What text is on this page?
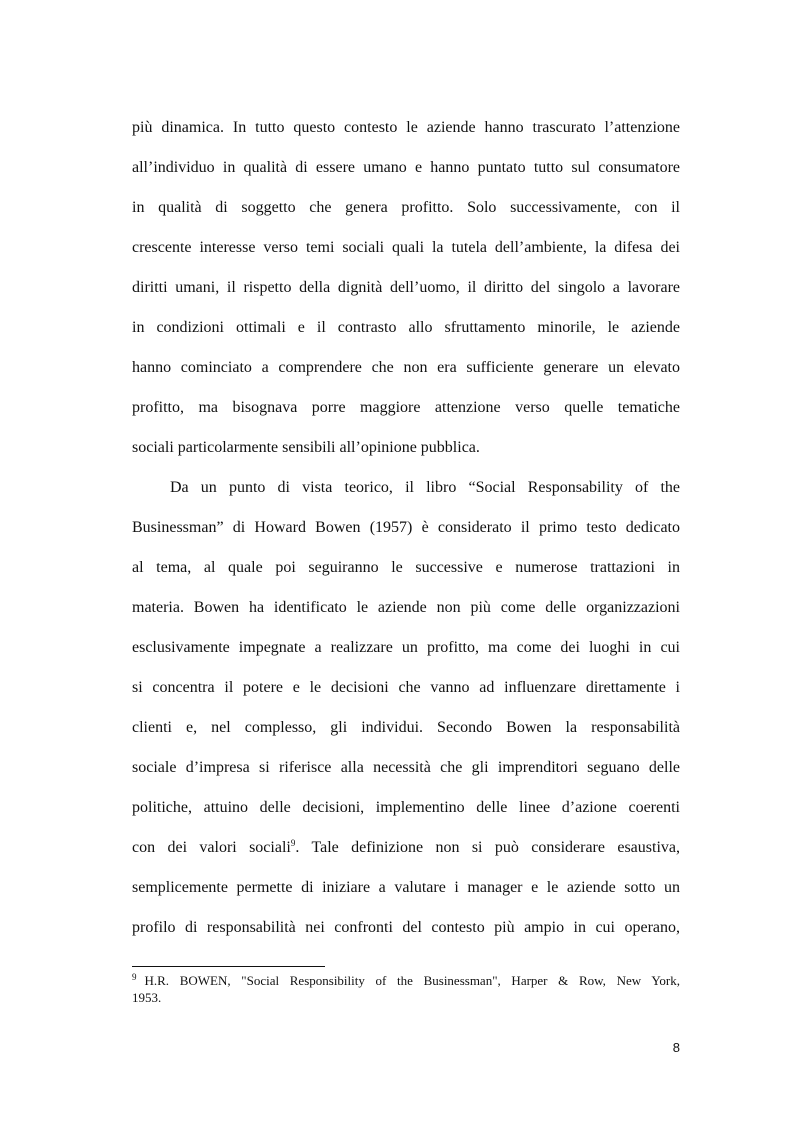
più dinamica. In tutto questo contesto le aziende hanno trascurato l’attenzione
all’individuo in qualità di essere umano e hanno puntato tutto sul consumatore
in qualità di soggetto che genera profitto. Solo successivamente, con il
crescente interesse verso temi sociali quali la tutela dell’ambiente, la difesa dei
diritti umani, il rispetto della dignità dell’uomo, il diritto del singolo a lavorare
in condizioni ottimali e il contrasto allo sfruttamento minorile, le aziende
hanno cominciato a comprendere che non era sufficiente generare un elevato
profitto, ma bisognava porre maggiore attenzione verso quelle tematiche
sociali particolarmente sensibili all’opinione pubblica.
Da un punto di vista teorico, il libro “Social Responsability of the
Businessman” di Howard Bowen (1957) è considerato il primo testo dedicato
al tema, al quale poi seguiranno le successive e numerose trattazioni in
materia. Bowen ha identificato le aziende non più come delle organizzazioni
esclusivamente impegnate a realizzare un profitto, ma come dei luoghi in cui
si concentra il potere e le decisioni che vanno ad influenzare direttamente i
clienti e, nel complesso, gli individui. Secondo Bowen la responsabilità
sociale d’impresa si riferisce alla necessità che gli imprenditori seguano delle
politiche, attuino delle decisioni, implementino delle linee d’azione coerenti
con dei valori sociali$^9$. Tale definizione non si può considerare esaustiva,
semplicemente permette di iniziare a valutare i manager e le aziende sotto un
profilo di responsabilità nei confronti del contesto più ampio in cui operano,
$^9$ H.R. BOWEN, "Social Responsibility of the Businessman", Harper & Row, New York,
1953.
8
